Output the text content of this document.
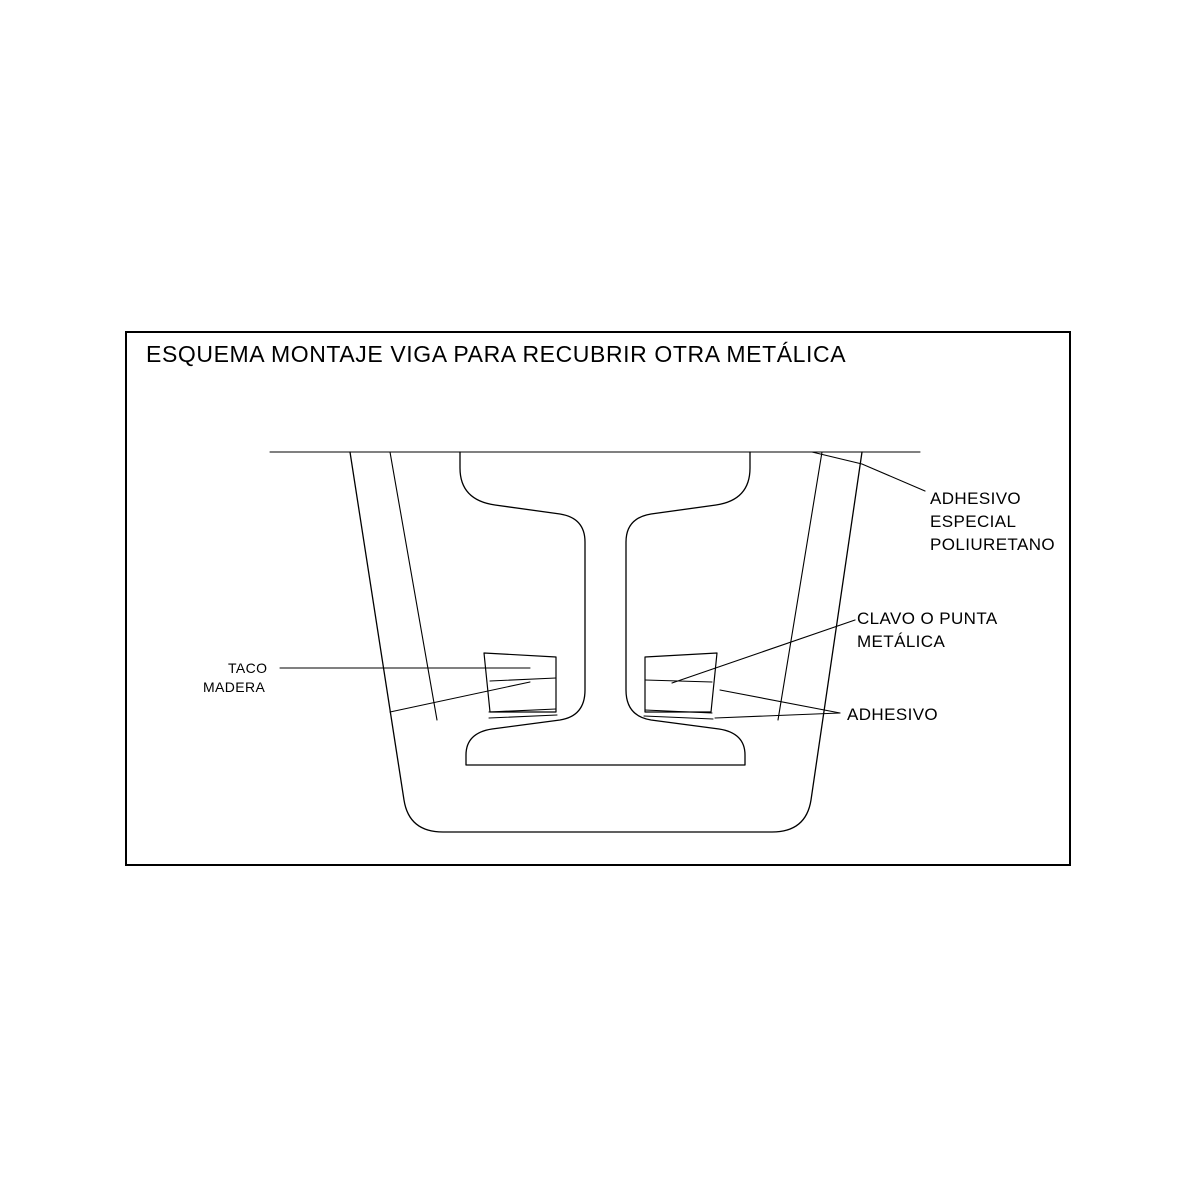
ESQUEMA MONTAJE VIGA PARA RECUBRIR OTRA METÁLICA
ADHESIVO
ESPECIAL
POLIURETANO
CLAVO O PUNTA
METÁLICA
ADHESIVO
TACO
MADERA
